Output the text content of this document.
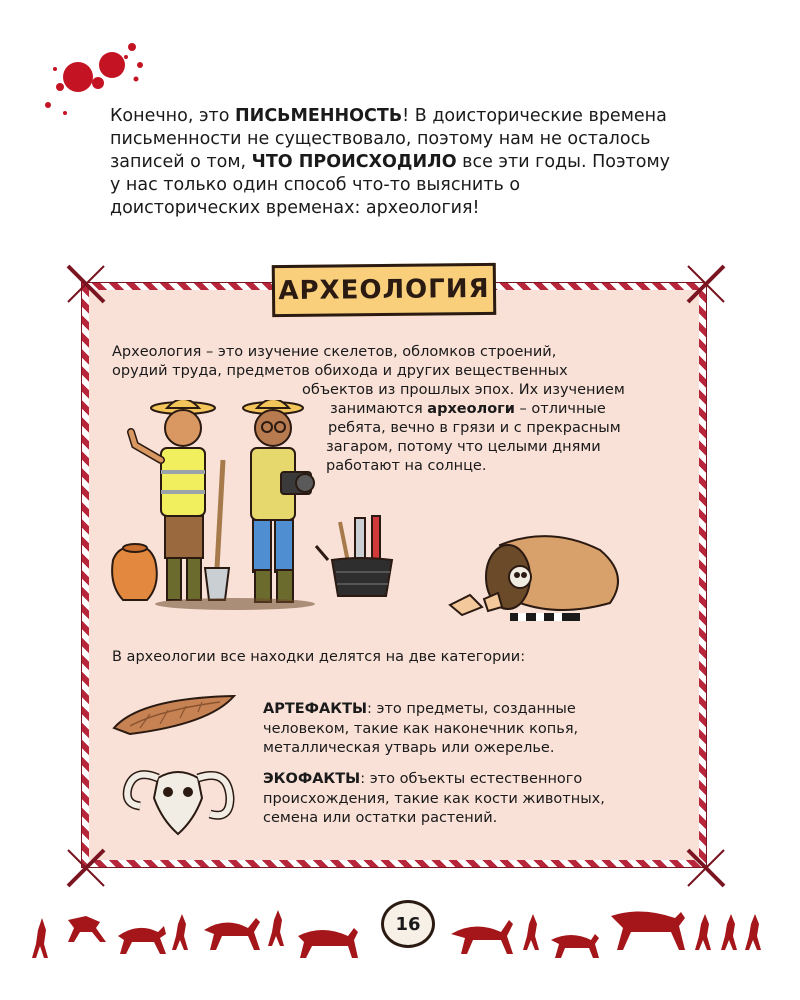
Конечно, это ПИСЬМЕННОСТЬ! В доисторические времена письменности не существовало, поэтому нам не осталось записей о том, ЧТО ПРОИСХОДИЛО все эти годы. Поэтому у нас только один способ что-то выяснить о доисторических временах: археология!
АРХЕОЛОГИЯ
Археология – это изучение скелетов, обломков строений,
орудий труда, предметов обихода и других вещественных
объектов из прошлых эпох. Их изучением
занимаются археологи – отличные
ребята, вечно в грязи и с прекрасным
загаром, потому что целыми днями
работают на солнце.
В археологии все находки делятся на две категории:
АРТЕФАКТЫ: это предметы, созданные человеком, такие как наконечник копья, металлическая утварь или ожерелье.
ЭКОФАКТЫ: это объекты естественного происхождения, такие как кости животных, семена или остатки растений.
16
